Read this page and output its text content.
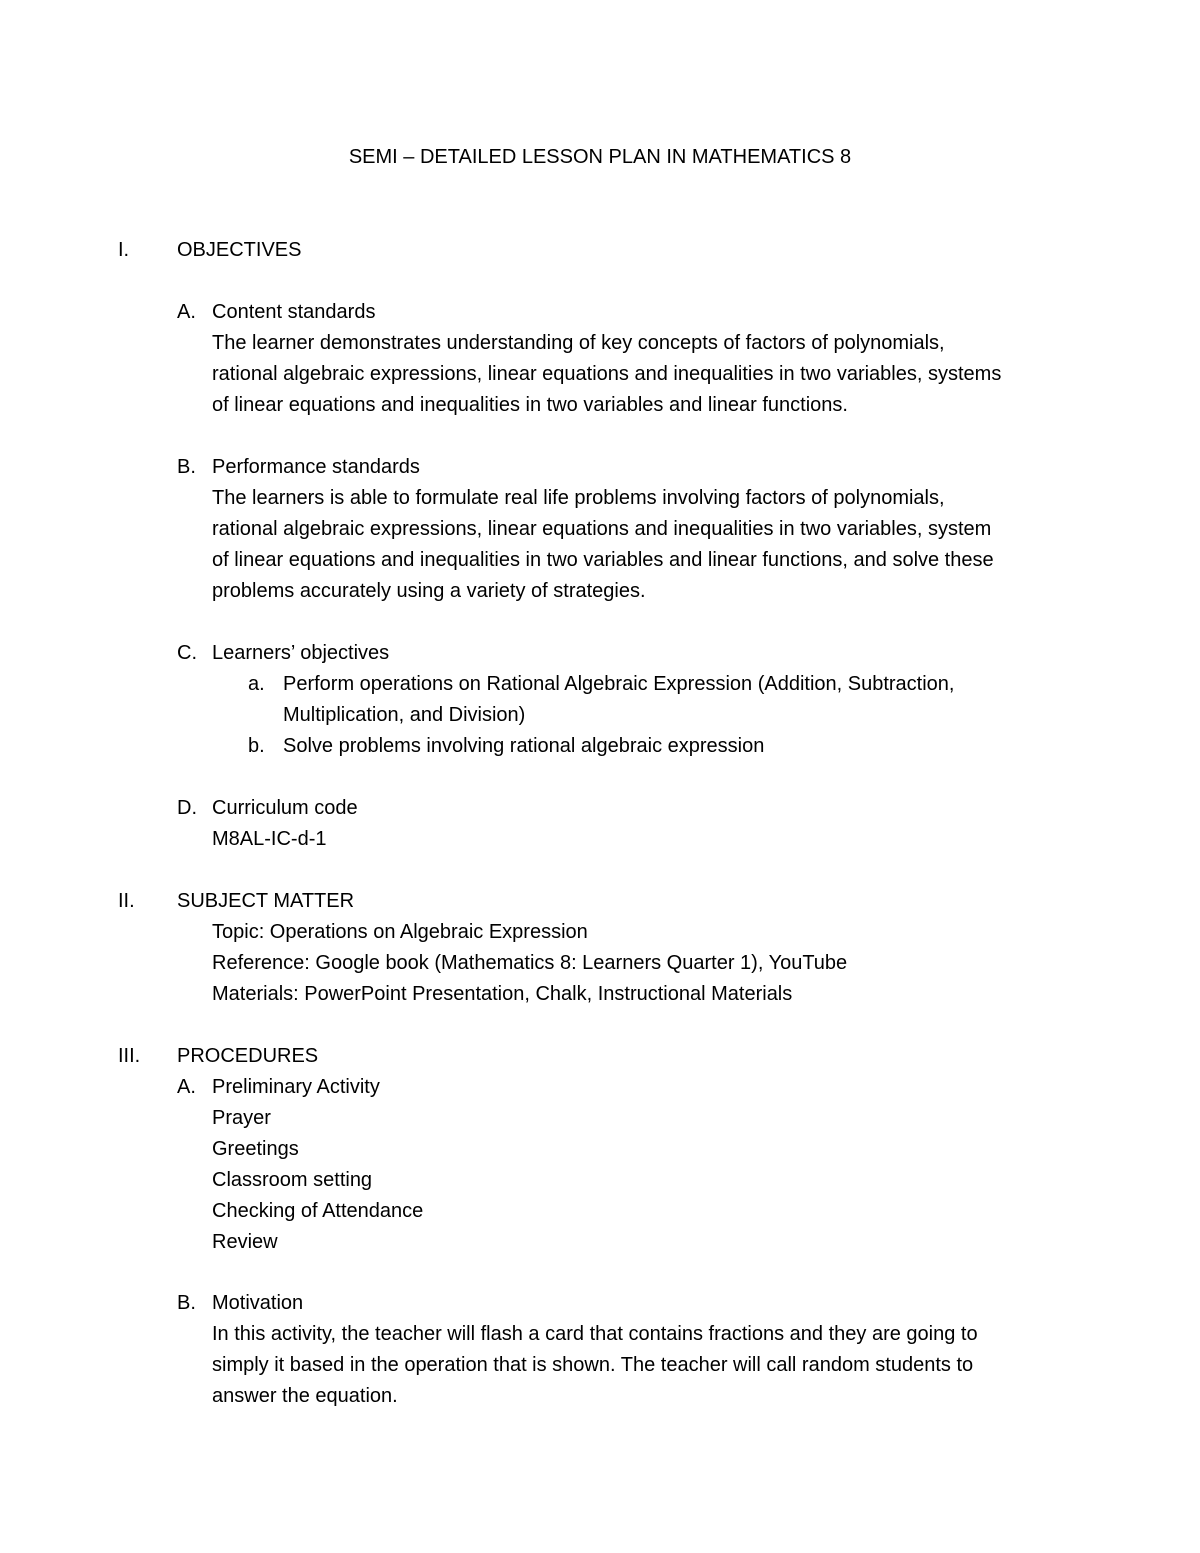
SEMI – DETAILED LESSON PLAN IN MATHEMATICS 8
I. OBJECTIVES
A. Content standards
The learner demonstrates understanding of key concepts of factors of polynomials,
rational algebraic expressions, linear equations and inequalities in two variables, systems
of linear equations and inequalities in two variables and linear functions.
B. Performance standards
The learners is able to formulate real life problems involving factors of polynomials,
rational algebraic expressions, linear equations and inequalities in two variables, system
of linear equations and inequalities in two variables and linear functions, and solve these
problems accurately using a variety of strategies.
C. Learners’ objectives
a. Perform operations on Rational Algebraic Expression (Addition, Subtraction,
Multiplication, and Division)
b. Solve problems involving rational algebraic expression
D. Curriculum code
M8AL-IC-d-1
II. SUBJECT MATTER
Topic: Operations on Algebraic Expression
Reference: Google book (Mathematics 8: Learners Quarter 1), YouTube
Materials: PowerPoint Presentation, Chalk, Instructional Materials
III. PROCEDURES
A. Preliminary Activity
Prayer
Greetings
Classroom setting
Checking of Attendance
Review
B. Motivation
In this activity, the teacher will flash a card that contains fractions and they are going to
simply it based in the operation that is shown. The teacher will call random students to
answer the equation.
